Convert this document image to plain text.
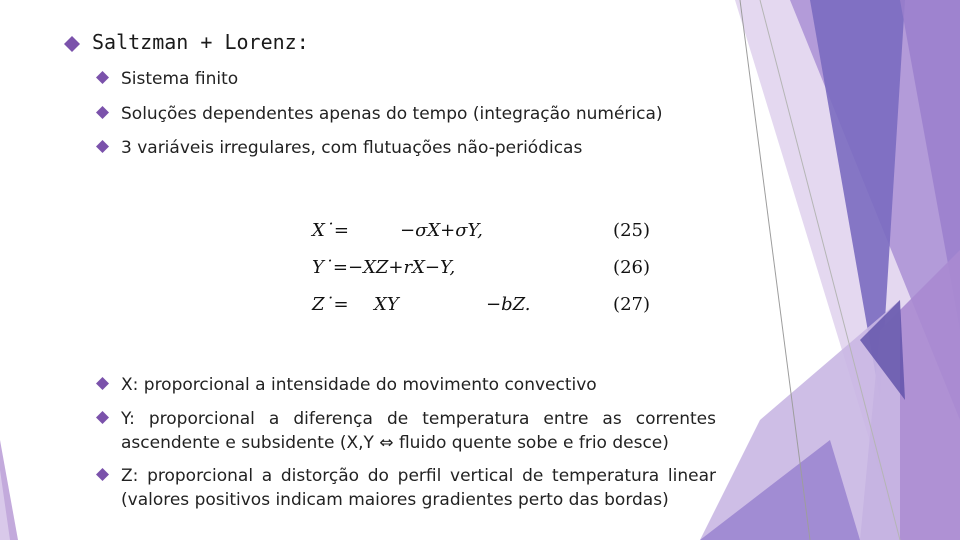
Saltzman + Lorenz:
Sistema finito
Soluções dependentes apenas do tempo (integração numérica)
3 variáveis irregulares, com flutuações não-periódicas
X˙=	−σX+σY,	(25)
Y˙= −XZ+rX−Y,	(26)
Z˙= XY	−bZ.	(27)
X: proporcional a intensidade do movimento convectivo
Y: proporcional a diferença de temperatura entre as correntes ascendente e subsidente (X,Y ⇔ fluido quente sobe e frio desce)
Z: proporcional a distorção do perfil vertical de temperatura linear (valores positivos indicam maiores gradientes perto das bordas)
